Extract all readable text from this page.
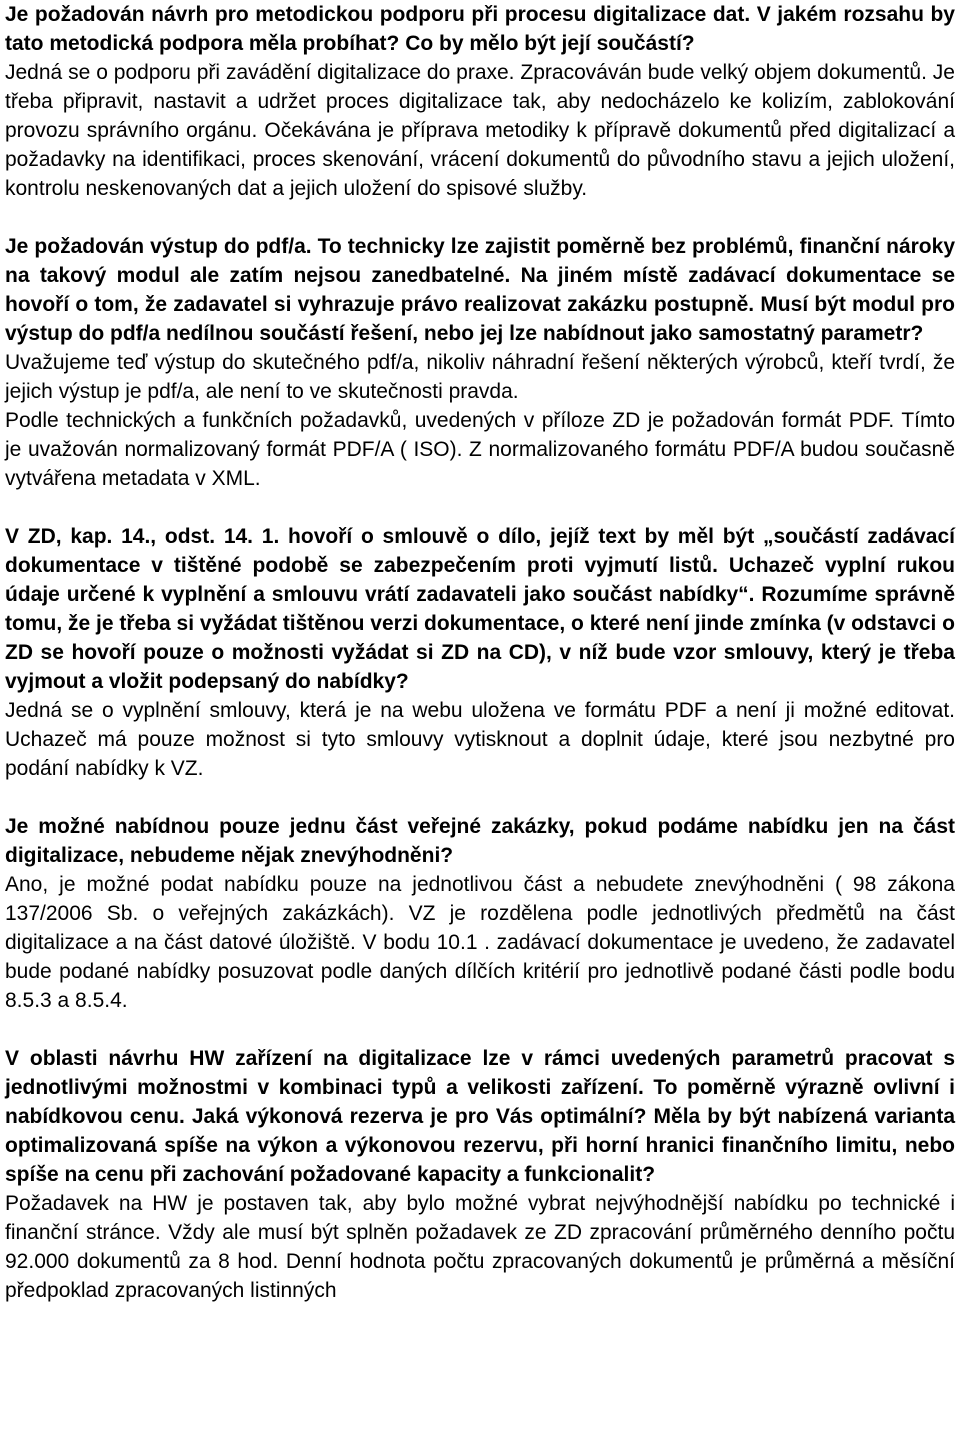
Je požadován návrh pro metodickou podporu při procesu digitalizace dat. V jakém rozsahu by tato metodická podpora měla probíhat? Co by mělo být její součástí?

Jedná se o podporu při zavádění digitalizace do praxe. Zpracováván bude velký objem dokumentů. Je třeba připravit, nastavit a udržet proces digitalizace tak, aby nedocházelo ke kolizím, zablokování provozu správního orgánu. Očekávána je příprava metodiky k přípravě dokumentů před digitalizací a požadavky na identifikaci, proces skenování, vrácení dokumentů do původního stavu a jejich uložení, kontrolu neskenovaných dat a jejich uložení do spisové služby.

Je požadován výstup do pdf/a. To technicky lze zajistit poměrně bez problémů, finanční nároky na takový modul ale zatím nejsou zanedbatelné. Na jiném místě zadávací dokumentace se hovoří o tom, že zadavatel si vyhrazuje právo realizovat zakázku postupně. Musí být modul pro výstup do pdf/a nedílnou součástí řešení, nebo jej lze nabídnout jako samostatný parametr?

Uvažujeme teď výstup do skutečného pdf/a, nikoliv náhradní řešení některých výrobců, kteří tvrdí, že jejich výstup je pdf/a, ale není to ve skutečnosti pravda.

Podle technických a funkčních požadavků, uvedených v příloze ZD je požadován formát PDF. Tímto je uvažován normalizovaný formát PDF/A ( ISO). Z normalizovaného formátu PDF/A budou současně vytvářena metadata v XML.

V ZD, kap. 14., odst. 14. 1. hovoří o smlouvě o dílo, jejíž text by měl být „součástí zadávací dokumentace v tištěné podobě se zabezpečením proti vyjmutí listů. Uchazeč vyplní rukou údaje určené k vyplnění a smlouvu vrátí zadavateli jako součást nabídky“. Rozumíme správně tomu, že je třeba si vyžádat tištěnou verzi dokumentace, o které není jinde zmínka (v odstavci o ZD se hovoří pouze o možnosti vyžádat si ZD na CD), v níž bude vzor smlouvy, který je třeba vyjmout a vložit podepsaný do nabídky?

Jedná se o vyplnění smlouvy, která je na webu uložena ve formátu PDF a není ji možné editovat. Uchazeč má pouze možnost si tyto smlouvy vytisknout a doplnit údaje, které jsou nezbytné pro podání nabídky k VZ.

Je možné nabídnou pouze jednu část veřejné zakázky, pokud podáme nabídku jen na část digitalizace, nebudeme nějak znevýhodněni?

Ano, je možné podat nabídku pouze na jednotlivou část a nebudete znevýhodněni ( 98 zákona 137/2006 Sb. o veřejných zakázkách). VZ je rozdělena podle jednotlivých předmětů na část digitalizace a na část datové úložiště. V bodu 10.1 . zadávací dokumentace je uvedeno, že zadavatel bude podané nabídky posuzovat podle daných dílčích kritérií pro jednotlivě podané části podle bodu 8.5.3 a 8.5.4.

V oblasti návrhu HW zařízení na digitalizace lze v rámci uvedených parametrů pracovat s jednotlivými možnostmi v kombinaci typů a velikosti zařízení. To poměrně výrazně ovlivní i nabídkovou cenu. Jaká výkonová rezerva je pro Vás optimální? Měla by být nabízená varianta optimalizovaná spíše na výkon a výkonovou rezervu, při horní hranici finančního limitu, nebo spíše na cenu při zachování požadované kapacity a funkcionalit?

Požadavek na HW je postaven tak, aby bylo možné vybrat nejvýhodnější nabídku po technické i finanční stránce. Vždy ale musí být splněn požadavek ze ZD zpracování průměrného denního počtu 92.000 dokumentů za 8 hod. Denní hodnota počtu zpracovaných dokumentů je průměrná a měsíční předpoklad zpracovaných listinných
